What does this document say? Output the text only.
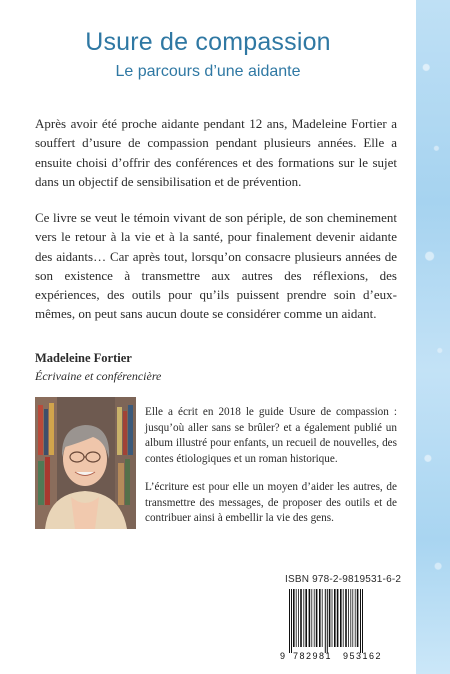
Usure de compassion
Le parcours d’une aidante

Après avoir été proche aidante pendant 12 ans, Madeleine Fortier a souffert d’usure de compassion pendant plusieurs années. Elle a ensuite choisi d’offrir des conférences et des formations sur le sujet dans un objectif de sensibilisation et de prévention.

Ce livre se veut le témoin vivant de son périple, de son cheminement vers le retour à la vie et à la santé, pour finalement devenir aidante des aidants… Car après tout, lorsqu’on consacre plusieurs années de son existence à transmettre aux autres des réflexions, des expériences, des outils pour qu’ils puissent prendre soin d’eux-mêmes, on peut sans aucun doute se considérer comme un aidant.

Madeleine Fortier

Écrivaine et conférencière

Elle a écrit en 2018 le guide Usure de compassion : jusqu’où aller sans se brûler? et a également publié un album illustré pour enfants, un recueil de nouvelles, des contes étiologiques et un roman historique.

L’écriture est pour elle un moyen d’aider les autres, de transmettre des messages, de proposer des outils et de contribuer ainsi à embellir la vie des gens.

ISBN 978-2-9819531-6-2

9 782981 953162
